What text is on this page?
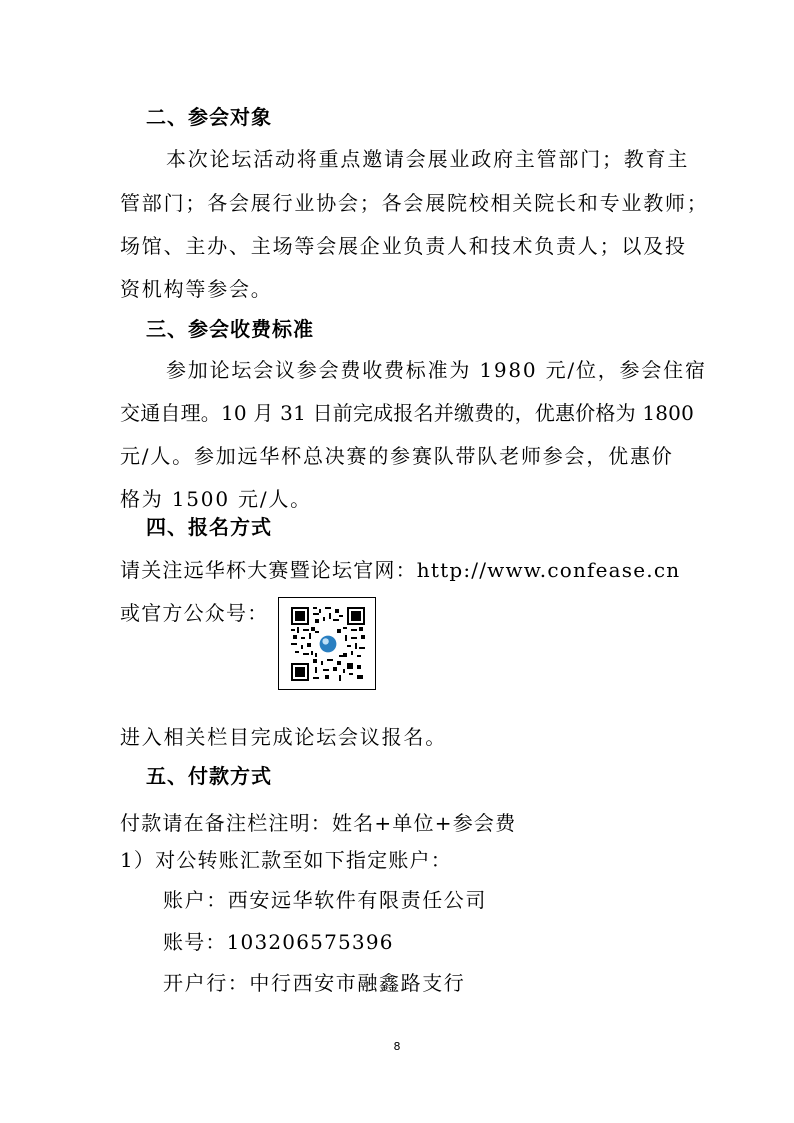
二、参会对象
本次论坛活动将重点邀请会展业政府主管部门；教育主
管部门；各会展行业协会；各会展院校相关院长和专业教师；
场馆、主办、主场等会展企业负责人和技术负责人；以及投
资机构等参会。
三、参会收费标准
参加论坛会议参会费收费标准为 1980 元/位，参会住宿
交通自理。10 月 31 日前完成报名并缴费的，优惠价格为 1800
元/人。参加远华杯总决赛的参赛队带队老师参会，优惠价
格为 1500 元/人。
四、报名方式
请关注远华杯大赛暨论坛官网：http://www.confease.cn
或官方公众号：
进入相关栏目完成论坛会议报名。
五、付款方式
付款请在备注栏注明：姓名+单位+参会费
1）对公转账汇款至如下指定账户：
账户：西安远华软件有限责任公司
账号：103206575396
开户行：中行西安市融鑫路支行
8
